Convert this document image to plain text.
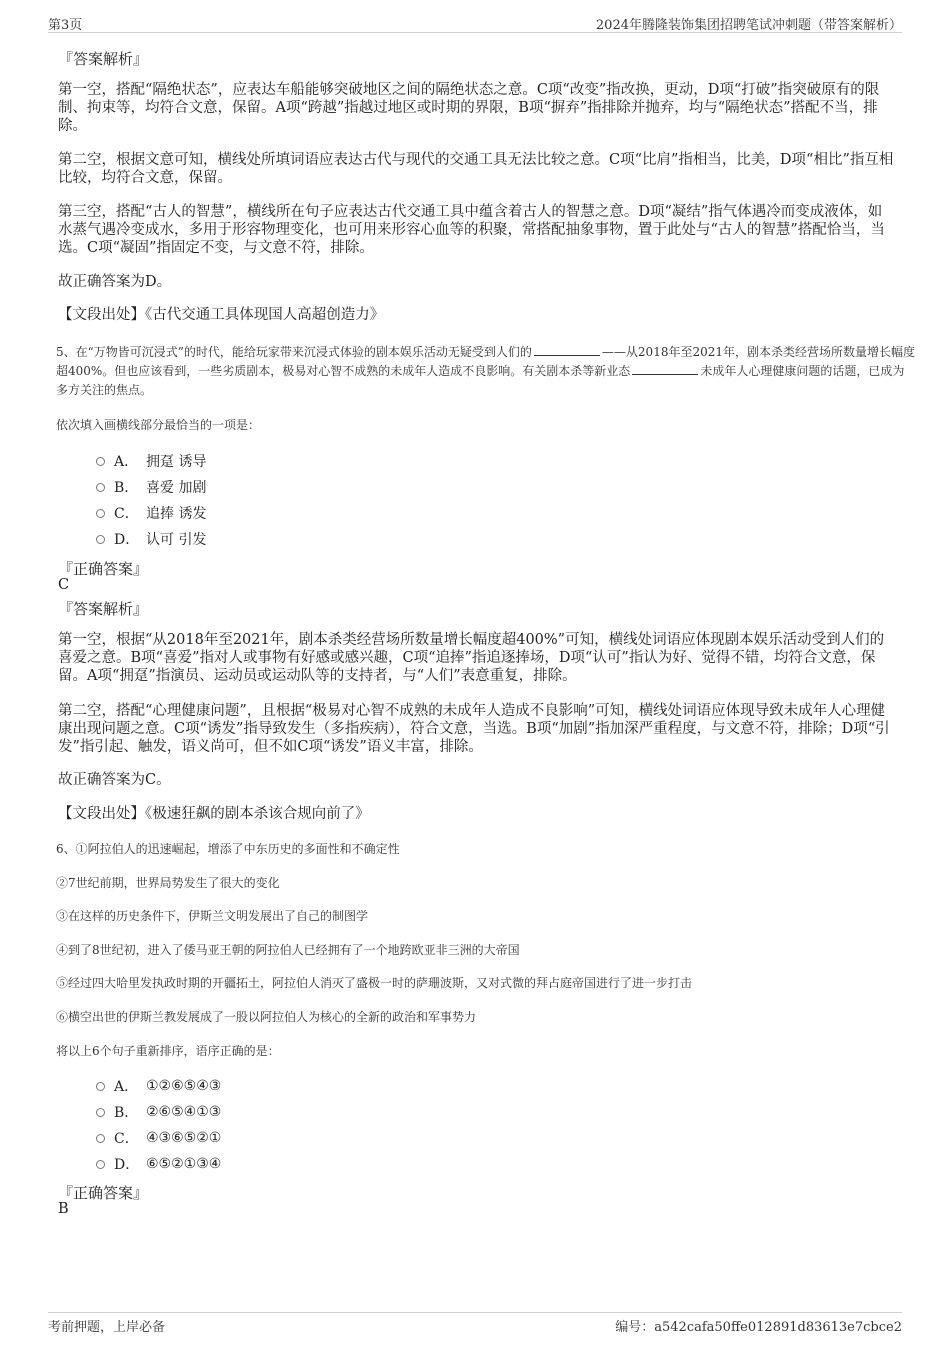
第3页	2024年腾隆装饰集团招聘笔试冲刺题（带答案解析）
『答案解析』
第一空，搭配“隔绝状态”，应表达车船能够突破地区之间的隔绝状态之意。C项“改变”指改换，更动，D项“打破”指突破原有的限制、拘束等，均符合文意，保留。A项“跨越”指越过地区或时期的界限，B项“摒弃”指排除并抛弃，均与“隔绝状态”搭配不当，排除。
第二空，根据文意可知，横线处所填词语应表达古代与现代的交通工具无法比较之意。C项“比肩”指相当，比美，D项“相比”指互相比较，均符合文意，保留。
第三空，搭配“古人的智慧”，横线所在句子应表达古代交通工具中蕴含着古人的智慧之意。D项“凝结”指气体遇冷而变成液体，如水蒸气遇冷变成水，多用于形容物理变化，也可用来形容心血等的积聚，常搭配抽象事物，置于此处与“古人的智慧”搭配恰当，当选。C项“凝固”指固定不变，与文意不符，排除。
故正确答案为D。
【文段出处】《古代交通工具体现国人高超创造力》
5、在“万物皆可沉浸式”的时代，能给玩家带来沉浸式体验的剧本娱乐活动无疑受到人们的	——从2018年至2021年，剧本杀类经营场所数量增长幅度超400%。但也应该看到，一些劣质剧本，极易对心智不成熟的未成年人造成不良影响。有关剧本杀等新业态	未成年人心理健康问题的话题，已成为多方关注的焦点。
依次填入画横线部分最恰当的一项是：
A． 拥趸 诱导
B． 喜爱 加剧
C． 追捧 诱发
D． 认可 引发
『正确答案』
C
『答案解析』
第一空，根据“从2018年至2021年，剧本杀类经营场所数量增长幅度超400%”可知，横线处词语应体现剧本娱乐活动受到人们的喜爱之意。B项“喜爱”指对人或事物有好感或感兴趣，C项“追捧”指追逐捧场，D项“认可”指认为好、觉得不错，均符合文意，保留。A项“拥趸”指演员、运动员或运动队等的支持者，与“人们”表意重复，排除。
第二空，搭配“心理健康问题”，且根据“极易对心智不成熟的未成年人造成不良影响”可知，横线处词语应体现导致未成年人心理健康出现问题之意。C项“诱发”指导致发生（多指疾病），符合文意，当选。B项“加剧”指加深严重程度，与文意不符，排除；D项“引发”指引起、触发，语义尚可，但不如C项“诱发”语义丰富，排除。
故正确答案为C。
【文段出处】《极速狂飙的剧本杀该合规向前了》
6、①阿拉伯人的迅速崛起，增添了中东历史的多面性和不确定性
②7世纪前期，世界局势发生了很大的变化
③在这样的历史条件下，伊斯兰文明发展出了自己的制图学
④到了8世纪初，进入了倭马亚王朝的阿拉伯人已经拥有了一个地跨欧亚非三洲的大帝国
⑤经过四大哈里发执政时期的开疆拓土，阿拉伯人消灭了盛极一时的萨珊波斯，又对式微的拜占庭帝国进行了进一步打击
⑥横空出世的伊斯兰教发展成了一股以阿拉伯人为核心的全新的政治和军事势力
将以上6个句子重新排序，语序正确的是：
A． ①②⑥⑤④③
B． ②⑥⑤④①③
C． ④③⑥⑤②①
D． ⑥⑤②①③④
『正确答案』
B
考前押题，上岸必备	编号：a542cafa50ffe012891d83613e7cbce2
